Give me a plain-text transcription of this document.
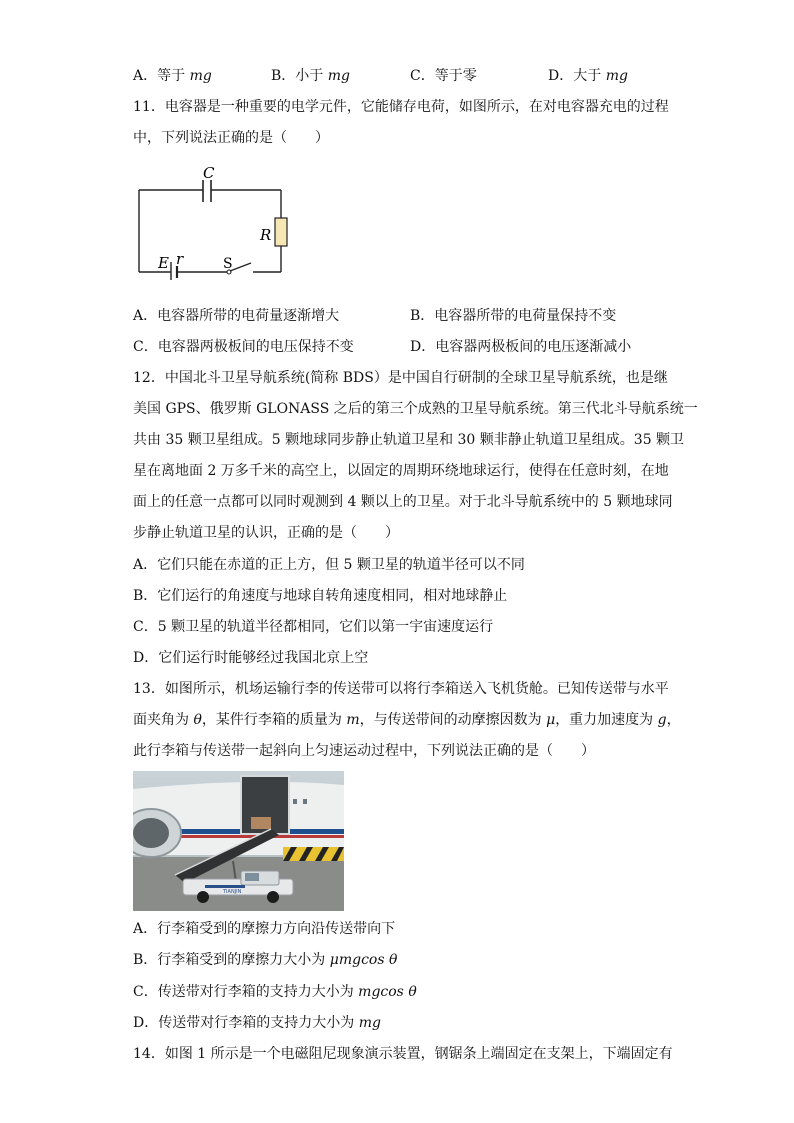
A．等于 mg	B．小于 mg	C．等于零	D．大于 mg
11．电容器是一种重要的电学元件，它能储存电荷，如图所示，在对电容器充电的过程
中，下列说法正确的是（　　）
C
R
E r	S
A．电容器所带的电荷量逐渐增大	B．电容器所带的电荷量保持不变
C．电容器两极板间的电压保持不变	D．电容器两极板间的电压逐渐减小
12．中国北斗卫星导航系统(简称 BDS）是中国自行研制的全球卫星导航系统，也是继
美国 GPS、俄罗斯 GLONASS 之后的第三个成熟的卫星导航系统。第三代北斗导航系统一
共由 35 颗卫星组成。5 颗地球同步静止轨道卫星和 30 颗非静止轨道卫星组成。35 颗卫
星在离地面 2 万多千米的高空上，以固定的周期环绕地球运行，使得在任意时刻，在地
面上的任意一点都可以同时观测到 4 颗以上的卫星。对于北斗导航系统中的 5 颗地球同
步静止轨道卫星的认识，正确的是（　　）
A．它们只能在赤道的正上方，但 5 颗卫星的轨道半径可以不同
B．它们运行的角速度与地球自转角速度相同，相对地球静止
C．5 颗卫星的轨道半径都相同，它们以第一宇宙速度运行
D．它们运行时能够经过我国北京上空
13．如图所示，机场运输行李的传送带可以将行李箱送入飞机货舱。已知传送带与水平
面夹角为 θ，某件行李箱的质量为 m，与传送带间的动摩擦因数为 μ，重力加速度为 g，
此行李箱与传送带一起斜向上匀速运动过程中，下列说法正确的是（　　）
TIANJIN
A．行李箱受到的摩擦力方向沿传送带向下
B．行李箱受到的摩擦力大小为 μmgcos θ
C．传送带对行李箱的支持力大小为 mgcos θ
D．传送带对行李箱的支持力大小为 mg
14．如图 1 所示是一个电磁阻尼现象演示装置，钢锯条上端固定在支架上，下端固定有
